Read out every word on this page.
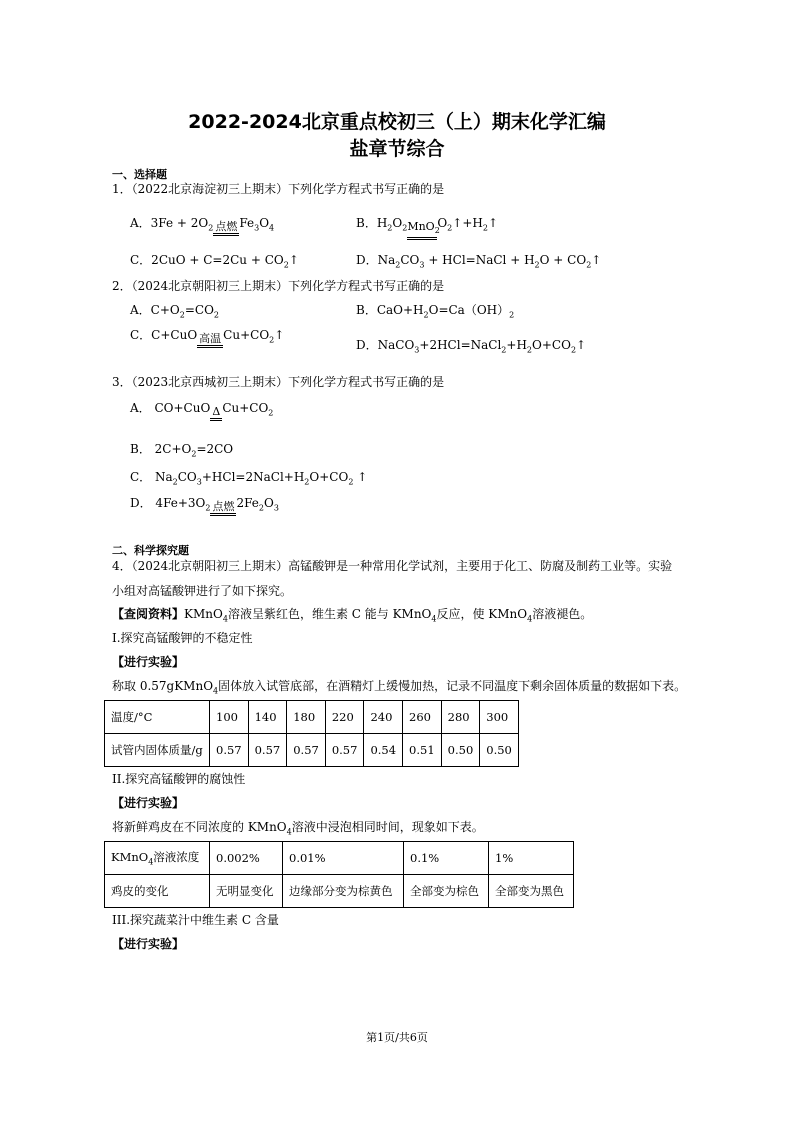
2022-2024北京重点校初三（上）期末化学汇编
盐章节综合
一、选择题
1．（2022北京海淀初三上期末）下列化学方程式书写正确的是
A．$3Fe + 2O_2$ 点燃 $Fe_3O_4$	B．$H_2O_2$ MnO$_2$
$O_2↑+H_2↑$
C．$2CuO + C=2Cu + CO_2↑$	D．$Na_2CO_3$ + HCl=NaCl + $H_2O$ + $CO_2↑$
2．（2024北京朝阳初三上期末）下列化学方程式书写正确的是
A．$C+O_2=CO_2$	B．$CaO+H_2O=Ca(OH)_2$
C．C+CuO 高温 $Cu+CO_2↑$
D．$NaCO_3+2HCl=NaCl_2+H_2O+CO_2↑$
3．（2023北京西城初三上期末）下列化学方程式书写正确的是
A． CO+CuO Δ $Cu+CO_2$
B． $2C+O_2=2CO$
C． $Na_2CO_3+HCl=2NaCl+H_2O+CO_2$ ↑
D． $4Fe+3O_2$ 点燃 $2Fe_2O_3$
二、科学探究题
4．（2024北京朝阳初三上期末）高锰酸钾是一种常用化学试剂，主要用于化工、防腐及制药工业等。实验
小组对高锰酸钾进行了如下探究。
【查阅资料】KMnO$_4$溶液呈紫红色，维生素 C 能与 KMnO$_4$反应，使 KMnO$_4$溶液褪色。
I.探究高锰酸钾的不稳定性
【进行实验】
称取 0.57gKMnO$_4$固体放入试管底部，在酒精灯上缓慢加热，记录不同温度下剩余固体质量的数据如下表。
温度/°C	100	140	180	220	240	260	280	300
试管内固体质量/g	0.57	0.57	0.57	0.57	0.54	0.51	0.50	0.50
II.探究高锰酸钾的腐蚀性
【进行实验】
将新鲜鸡皮在不同浓度的 KMnO$_4$溶液中浸泡相同时间，现象如下表。
KMnO$_4$溶液浓度	0.002%	0.01%	0.1%	1%
鸡皮的变化	无明显变化	边缘部分变为棕黄色	全部变为棕色	全部变为黑色
III.探究蔬菜汁中维生素 C 含量
【进行实验】
第1页/共6页
